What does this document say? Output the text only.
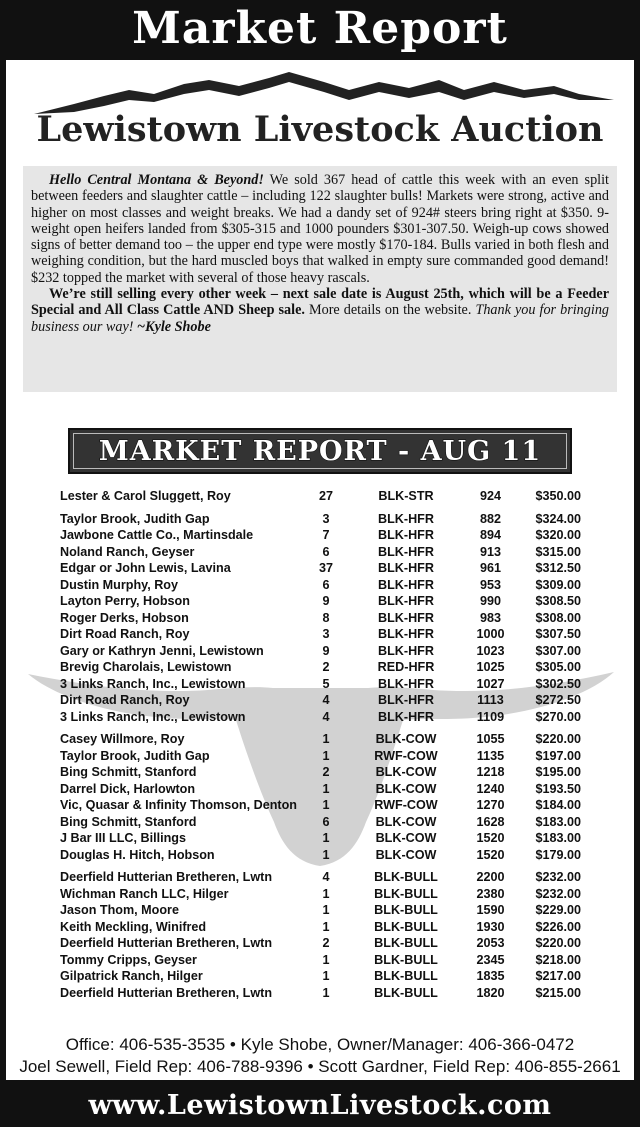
Market Report
Lewistown Livestock Auction

Hello Central Montana & Beyond! We sold 367 head of cattle this week with an even split between feeders and slaughter cattle – including 122 slaughter bulls! Markets were strong, active and higher on most classes and weight breaks. We had a dandy set of 924# steers bring right at $350. 9-weight open heifers landed from $305-315 and 1000 pounders $301-307.50. Weigh-up cows showed signs of better demand too – the upper end type were mostly $170-184. Bulls varied in both flesh and weighing condition, but the hard muscled boys that walked in empty sure commanded good demand! $232 topped the market with several of those heavy rascals.

We’re still selling every other week – next sale date is August 25th, which will be a Feeder Special and All Class Cattle AND Sheep sale. More details on the website. Thank you for bringing business our way! ~Kyle Shobe

MARKET REPORT - AUG 11
Lester & Carol Sluggett, Roy	27	BLK-STR	924	$350.00
Taylor Brook, Judith Gap	3	BLK-HFR	882	$324.00
Jawbone Cattle Co., Martinsdale	7	BLK-HFR	894	$320.00
Noland Ranch, Geyser	6	BLK-HFR	913	$315.00
Edgar or John Lewis, Lavina	37	BLK-HFR	961	$312.50
Dustin Murphy, Roy	6	BLK-HFR	953	$309.00
Layton Perry, Hobson	9	BLK-HFR	990	$308.50
Roger Derks, Hobson	8	BLK-HFR	983	$308.00
Dirt Road Ranch, Roy	3	BLK-HFR	1000	$307.50
Gary or Kathryn Jenni, Lewistown	9	BLK-HFR	1023	$307.00
Brevig Charolais, Lewistown	2	RED-HFR	1025	$305.00
3 Links Ranch, Inc., Lewistown	5	BLK-HFR	1027	$302.50
Dirt Road Ranch, Roy	4	BLK-HFR	1113	$272.50
3 Links Ranch, Inc., Lewistown	4	BLK-HFR	1109	$270.00
Casey Willmore, Roy	1	BLK-COW	1055	$220.00
Taylor Brook, Judith Gap	1	RWF-COW	1135	$197.00
Bing Schmitt, Stanford	2	BLK-COW	1218	$195.00
Darrel Dick, Harlowton	1	BLK-COW	1240	$193.50
Vic, Quasar & Infinity Thomson, Denton	1	RWF-COW	1270	$184.00
Bing Schmitt, Stanford	6	BLK-COW	1628	$183.00
J Bar III LLC, Billings	1	BLK-COW	1520	$183.00
Douglas H. Hitch, Hobson	1	BLK-COW	1520	$179.00
Deerfield Hutterian Bretheren, Lwtn	4	BLK-BULL	2200	$232.00
Wichman Ranch LLC, Hilger	1	BLK-BULL	2380	$232.00
Jason Thom, Moore	1	BLK-BULL	1590	$229.00
Keith Meckling, Winifred	1	BLK-BULL	1930	$226.00
Deerfield Hutterian Bretheren, Lwtn	2	BLK-BULL	2053	$220.00
Tommy Cripps, Geyser	1	BLK-BULL	2345	$218.00
Gilpatrick Ranch, Hilger	1	BLK-BULL	1835	$217.00
Deerfield Hutterian Bretheren, Lwtn	1	BLK-BULL	1820	$215.00
Office: 406-535-3535 • Kyle Shobe, Owner/Manager: 406-366-0472
Joel Sewell, Field Rep: 406-788-9396 • Scott Gardner, Field Rep: 406-855-2661
www.LewistownLivestock.com
